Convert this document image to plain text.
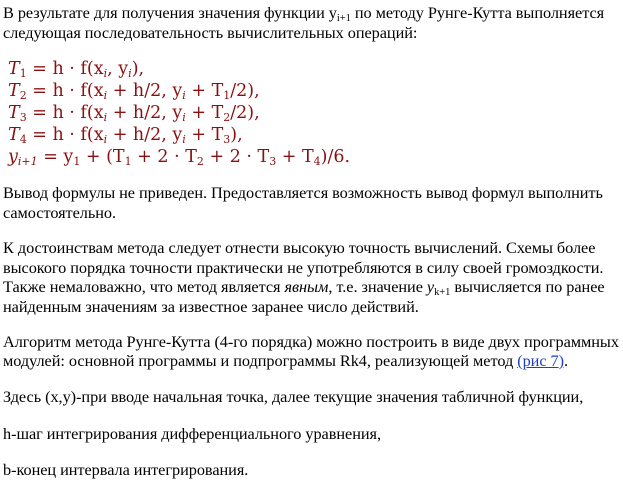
В результате для получения значения функции $y_{i+1}$ по методу Рунге-Кутта выполняется

следующая последовательность вычислительных операций:

$T_1 = h \cdot f(x_i$, $y_i$),

$T_2 = h \cdot f(x_i + h/2$, $y_i + T_1/2$),

$T_3 = h \cdot f(x_i + h/2$, $y_i + T_2/2$),

$T_4 = h \cdot f(x_i + h/2$, $y_i + T_3$),

$y_{i+1} = y_1 + (T_1 + 2 \cdot T_2 + 2 \cdot T_3 + T_4)/6$.

Вывод формулы не приведен. Предоставляется возможность вывод формул выполнить

самостоятельно.

К достоинствам метода следует отнести высокую точность вычислений. Схемы более

высокого порядка точности практически не употребляются в силу своей громоздкости.

Также немаловажно, что метод является явным, т.е. значение $y_{k+1}$ вычисляется по ранее

найденным значениям за известное заранее число действий.

Алгоритм метода Рунге-Кутта (4-го порядка) можно построить в виде двух программных

модулей: основной программы и подпрограммы Rk4, реализующей метод (рис 7).

Здесь (x,y)-при вводе начальная точка, далее текущие значения табличной функции,

h-шаг интегрирования дифференциального уравнения,

b-конец интервала интегрирования.
